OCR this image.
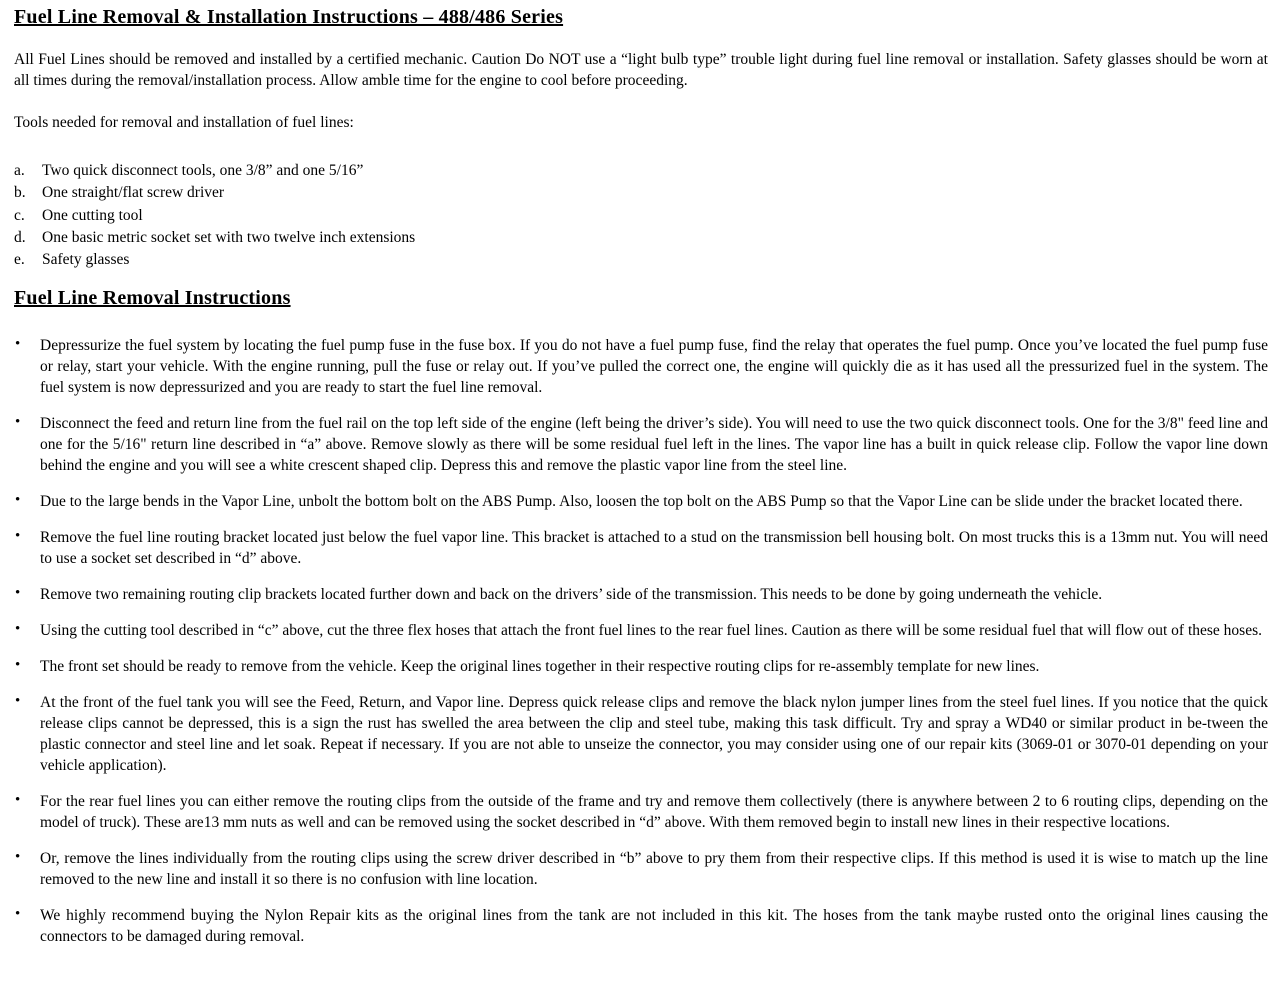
Fuel Line Removal & Installation Instructions – 488/486 Series

All Fuel Lines should be removed and installed by a certified mechanic. Caution Do NOT use a “light bulb type” trouble light during fuel line removal or installation. Safety glasses should be worn at all times during the removal/installation process. Allow amble time for the engine to cool before proceeding.

Tools needed for removal and installation of fuel lines:

a.	Two quick disconnect tools, one 3/8” and one 5/16”
b.	One straight/flat screw driver
c.	One cutting tool
d.	One basic metric socket set with two twelve inch extensions
e.	Safety glasses
Fuel Line Removal Instructions
• Depressurize the fuel system by locating the fuel pump fuse in the fuse box. If you do not have a fuel pump fuse, find the relay that operates the fuel pump. Once you’ve located the fuel pump fuse or relay, start your vehicle. With the engine running, pull the fuse or relay out. If you’ve pulled the correct one, the engine will quickly die as it has used all the pressurized fuel in the system. The fuel system is now depressurized and you are ready to start the fuel line removal.
• Disconnect the feed and return line from the fuel rail on the top left side of the engine (left being the driver’s side). You will need to use the two quick disconnect tools. One for the 3/8" feed line and one for the 5/16" return line described in “a” above. Remove slowly as there will be some residual fuel left in the lines. The vapor line has a built in quick release clip. Follow the vapor line down behind the engine and you will see a white crescent shaped clip. Depress this and remove the plastic vapor line from the steel line.
• Due to the large bends in the Vapor Line, unbolt the bottom bolt on the ABS Pump. Also, loosen the top bolt on the ABS Pump so that the Vapor Line can be slide under the bracket located there.
• Remove the fuel line routing bracket located just below the fuel vapor line. This bracket is attached to a stud on the transmission bell housing bolt. On most trucks this is a 13mm nut. You will need to use a socket set described in “d” above.
• Remove two remaining routing clip brackets located further down and back on the drivers’ side of the transmission. This needs to be done by going underneath the vehicle.
• Using the cutting tool described in “c” above, cut the three flex hoses that attach the front fuel lines to the rear fuel lines. Caution as there will be some residual fuel that will flow out of these hoses.
• The front set should be ready to remove from the vehicle. Keep the original lines together in their respective routing clips for re-assembly template for new lines.
• At the front of the fuel tank you will see the Feed, Return, and Vapor line. Depress quick release clips and remove the black nylon jumper lines from the steel fuel lines. If you notice that the quick release clips cannot be depressed, this is a sign the rust has swelled the area between the clip and steel tube, making this task difficult. Try and spray a WD40 or similar product in be-tween the plastic connector and steel line and let soak. Repeat if necessary. If you are not able to unseize the connector, you may consider using one of our repair kits (3069-01 or 3070-01 depending on your vehicle application).
• For the rear fuel lines you can either remove the routing clips from the outside of the frame and try and remove them collectively (there is anywhere between 2 to 6 routing clips, depending on the model of truck). These are13 mm nuts as well and can be removed using the socket described in “d” above. With them removed begin to install new lines in their respective locations.
• Or, remove the lines individually from the routing clips using the screw driver described in “b” above to pry them from their respective clips. If this method is used it is wise to match up the line removed to the new line and install it so there is no confusion with line location.
• We highly recommend buying the Nylon Repair kits as the original lines from the tank are not included in this kit. The hoses from the tank maybe rusted onto the original lines causing the connectors to be damaged during removal.
